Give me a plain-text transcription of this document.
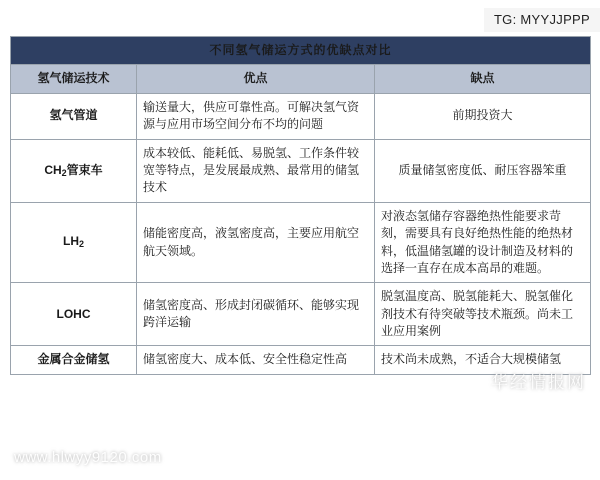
TG: MYYJJPPP
不同氢气储运方式的优缺点对比		
氢气储运技术	优点	缺点
氢气管道	输送量大，供应可靠性高。可解决氢气资源与应用市场空间分布不均的问题	前期投资大
$CH_2$管束车	成本较低、能耗低、易脱氢、工作条件较宽等特点，是发展最成熟、最常用的储氢技术	质量储氢密度低、耐压容器笨重
$LH_2$	储能密度高，液氢密度高，主要应用航空航天领域。	对液态氢储存容器绝热性能要求苛刻，需要具有良好绝热性能的绝热材料，低温储氢罐的设计制造及材料的选择一直存在成本高昂的难题。
LOHC	储氢密度高、形成封闭碳循环、能够实现跨洋运输	脱氢温度高、脱氢能耗大、脱氢催化剂技术有待突破等技术瓶颈。尚未工业应用案例
金属合金储氢	储氢密度大、成本低、安全性稳定性高	技术尚未成熟，不适合大规模储氢
华经情报网
www.hlwyy9120.com
